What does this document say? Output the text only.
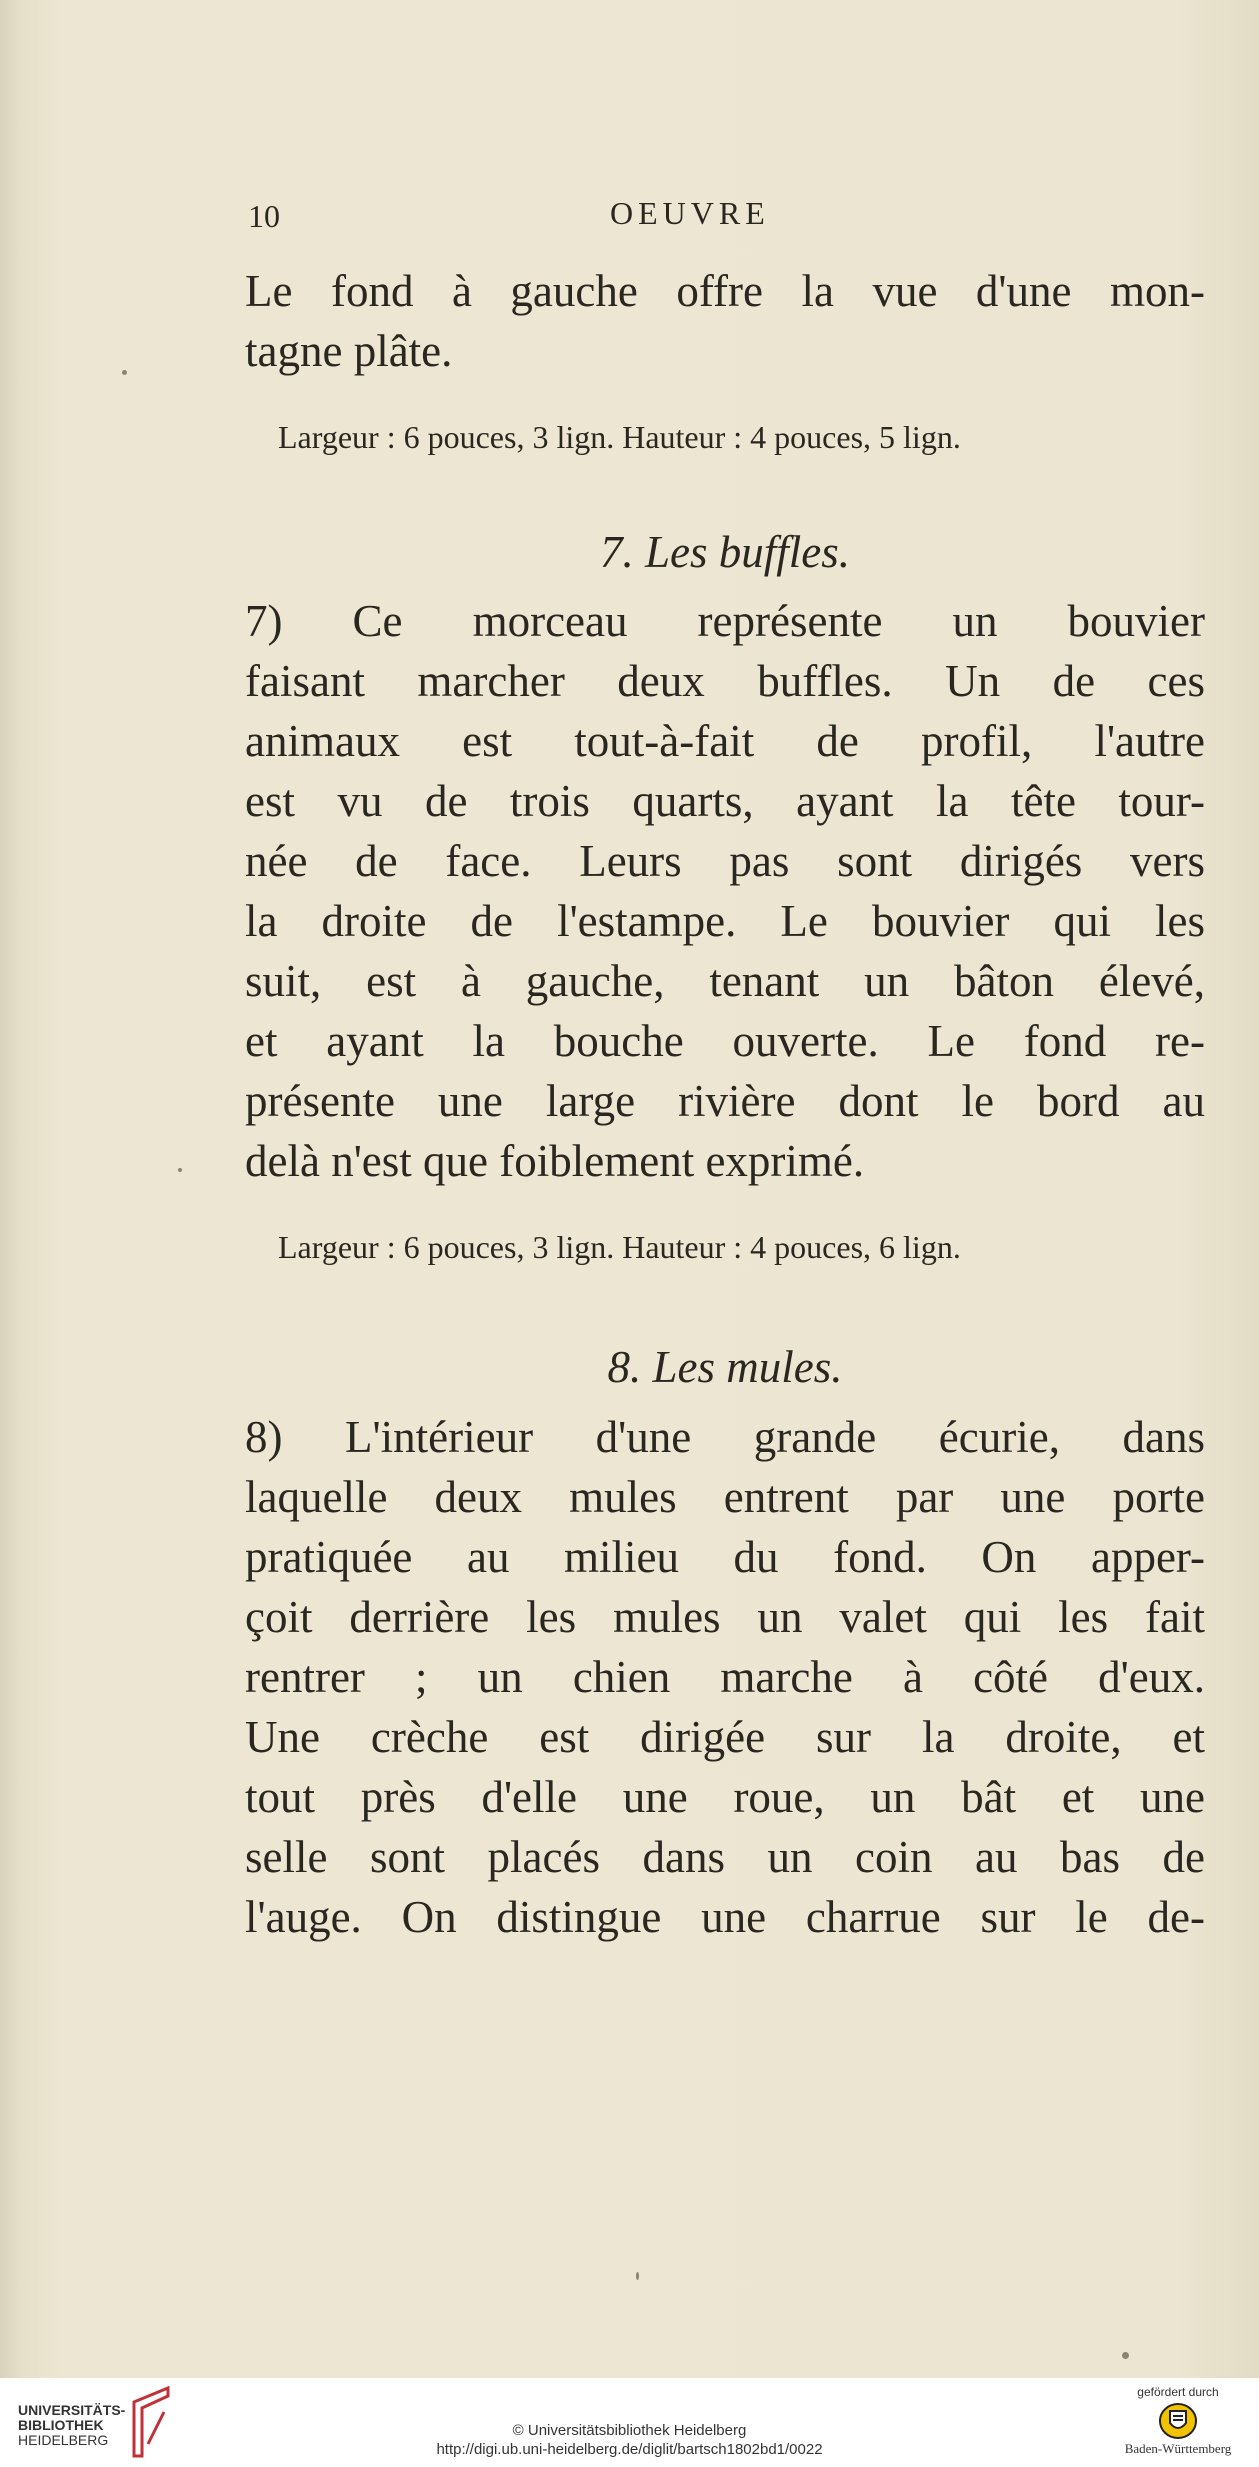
10	OEUVRE
Le fond à gauche offre la vue d'une mon-
tagne plâte.
Largeur : 6 pouces, 3 lign. Hauteur : 4 pouces, 5 lign.
7. Les buffles.
7) Ce morceau représente un bouvier
faisant marcher deux buffles. Un de ces
animaux est tout-à-fait de profil, l'autre
est vu de trois quarts, ayant la tête tour-
née de face. Leurs pas sont dirigés vers
la droite de l'estampe. Le bouvier qui les
suit, est à gauche, tenant un bâton élevé,
et ayant la bouche ouverte. Le fond re-
présente une large rivière dont le bord au
delà n'est que foiblement exprimé.
Largeur : 6 pouces, 3 lign. Hauteur : 4 pouces, 6 lign.
8. Les mules.
8) L'intérieur d'une grande écurie, dans
laquelle deux mules entrent par une porte
pratiquée au milieu du fond. On apper-
çoit derrière les mules un valet qui les fait
rentrer ; un chien marche à côté d'eux.
Une crèche est dirigée sur la droite, et
tout près d'elle une roue, un bât et une
selle sont placés dans un coin au bas de
l'auge. On distingue une charrue sur le de-
UNIVERSITÄTS-
BIBLIOTHEK
HEIDELBERG
© Universitätsbibliothek Heidelberg
http://digi.ub.uni-heidelberg.de/diglit/bartsch1802bd1/0022
gefördert durch
Baden-Württemberg
